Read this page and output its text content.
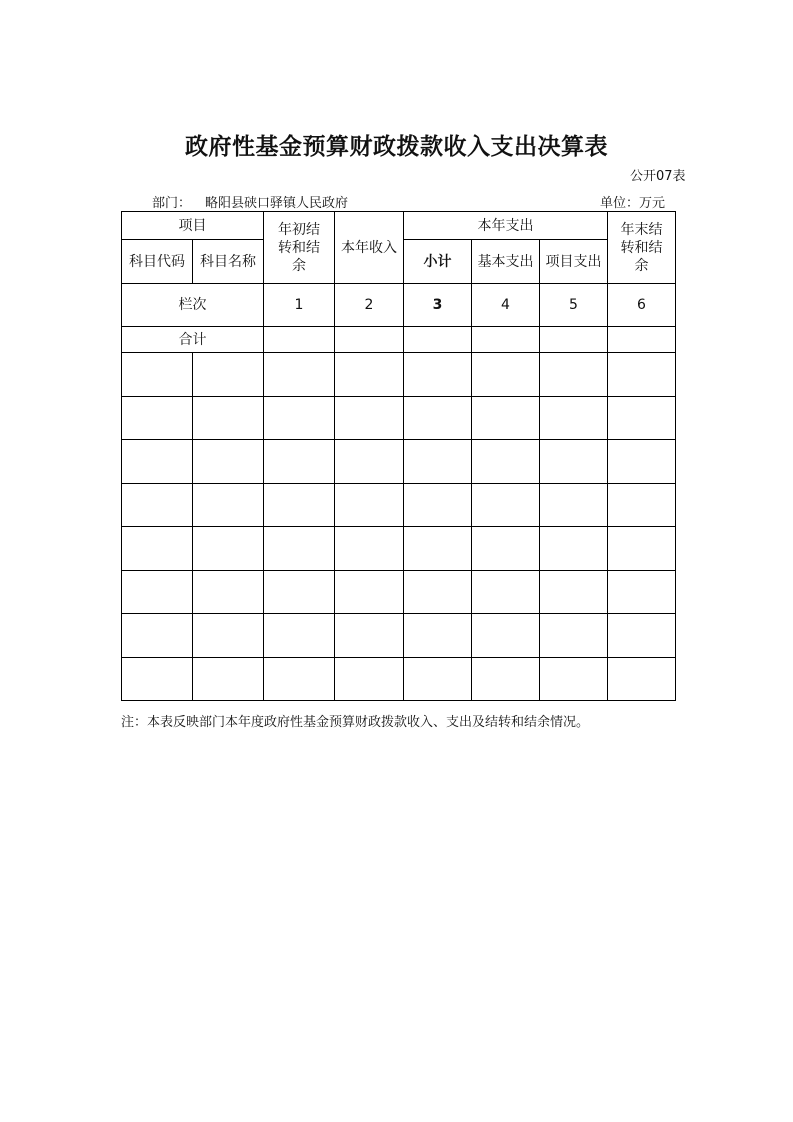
政府性基金预算财政拨款收入支出决算表
公开07表
部门： 略阳县硖口驿镇人民政府	单位：万元
项目		年初结转和结余	本年收入	本年支出			年末结转和结余

科目代码	科目名称			小计	基本支出	项目支出	
栏次		1	2	3	4	5	6
合计							

注：本表反映部门本年度政府性基金预算财政拨款收入、支出及结转和结余情况。
